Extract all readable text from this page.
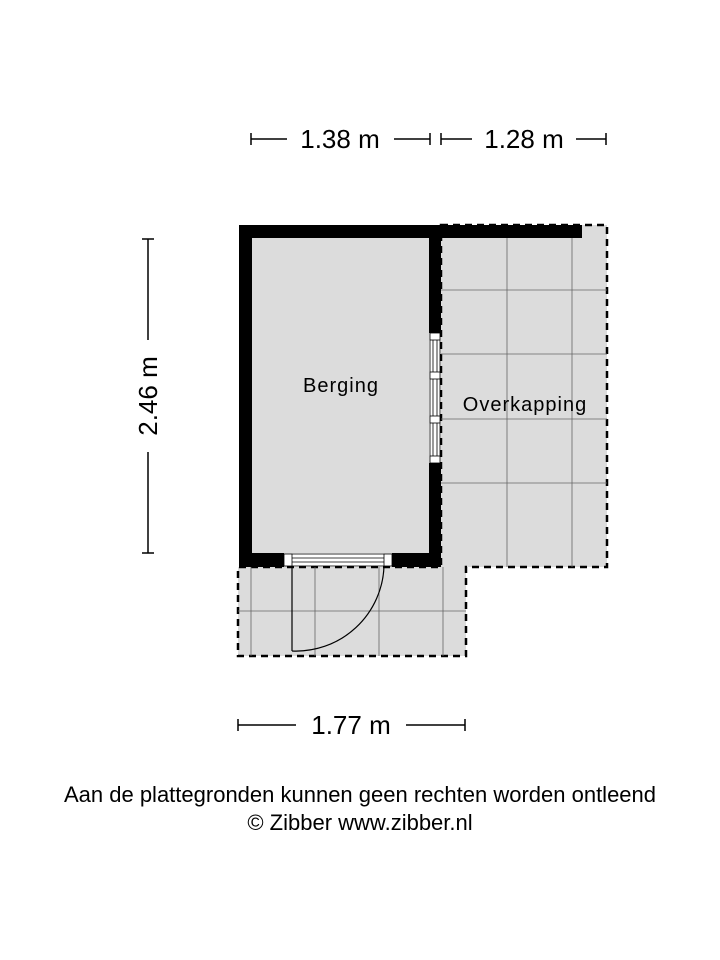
Berging
Overkapping
1.38 m	1.28 m
2.46 m
1.77 m
Aan de plattegronden kunnen geen rechten worden ontleend
© Zibber www.zibber.nl
